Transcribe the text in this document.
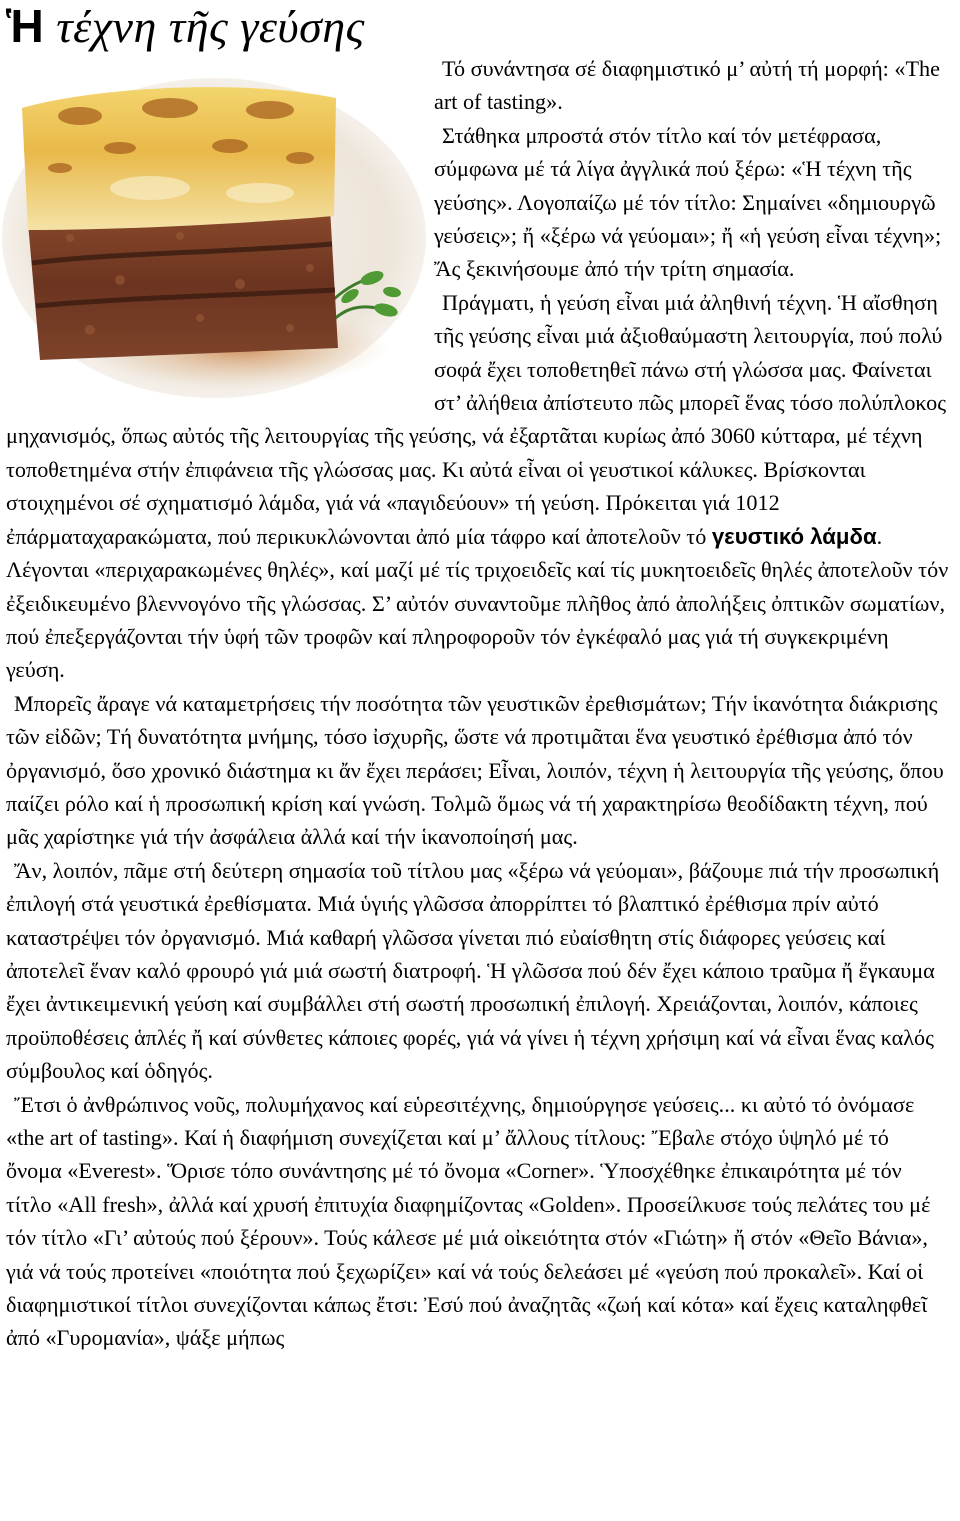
Ἡ τέχνη τῆς γεύσης

Τό συνάντησα σέ διαφημιστικό μ’ αὐτή τή μορφή: «The art of tasting».

Στάθηκα μπροστά στόν τίτλο καί τόν μετέφρασα, σύμφωνα μέ τά λίγα ἀγγλικά πού ξέρω: «Ἡ τέχνη τῆς γεύσης». Λογοπαίζω μέ τόν τίτλο: Σημαίνει «δημιουργῶ γεύσεις»; ἤ «ξέρω νά γεύομαι»; ἤ «ἡ γεύση εἶναι τέχνη»; Ἄς ξεκινήσουμε ἀπό τήν τρίτη σημασία.

Πράγματι, ἡ γεύση εἶναι μιά ἀληθινή τέχνη. Ἡ αἴσθηση τῆς γεύσης εἶναι μιά ἀξιοθαύμαστη λειτουργία, πού πολύ σοφά ἔχει τοποθετηθεῖ πάνω στή γλώσσα μας. Φαίνεται στ’ ἀλήθεια ἀπίστευτο πῶς μπορεῖ ἕνας τόσο πολύπλοκος μηχανισμός, ὅπως αὐτός τῆς λειτουργίας τῆς γεύσης, νά ἐξαρτᾶται κυρίως ἀπό 3060 κύτταρα, μέ τέχνη τοποθετημένα στήν ἐπιφάνεια τῆς γλώσσας μας. Κι αὐτά εἶναι οἱ γευστικοί κάλυκες. Βρίσκονται στοιχημένοι σέ σχηματισμό λάμδα, γιά νά «παγιδεύουν» τή γεύση. Πρόκειται γιά 1012 ἐπάρματαχαρακώματα, πού περικυκλώνονται ἀπό μία τάφρο καί ἀποτελοῦν τό γευστικό λάμδα. Λέγονται «περιχαρακωμένες θηλές», καί μαζί μέ τίς τριχοειδεῖς καί τίς μυκητοειδεῖς θηλές ἀποτελοῦν τόν ἐξειδικευμένο βλεννογόνο τῆς γλώσσας. Σ’ αὐτόν συναντοῦμε πλῆθος ἀπό ἀπολήξεις ὀπτικῶν σωματίων, πού ἐπεξεργάζονται τήν ὑφή τῶν τροφῶν καί πληροφοροῦν τόν ἐγκέφαλό μας γιά τή συγκεκριμένη γεύση.

Μπορεῖς ἄραγε νά καταμετρήσεις τήν ποσότητα τῶν γευστικῶν ἐρεθισμάτων; Τήν ἱκανότητα διάκρισης τῶν εἰδῶν; Τή δυνατότητα μνήμης, τόσο ἰσχυρῆς, ὥστε νά προτιμᾶται ἕνα γευστικό ἐρέθισμα ἀπό τόν ὀργανισμό, ὅσο χρονικό διάστημα κι ἄν ἔχει περάσει; Εἶναι, λοιπόν, τέχνη ἡ λειτουργία τῆς γεύσης, ὅπου παίζει ρόλο καί ἡ προσωπική κρίση καί γνώση. Τολμῶ ὅμως νά τή χαρακτηρίσω θεοδίδακτη τέχνη, πού μᾶς χαρίστηκε γιά τήν ἀσφάλεια ἀλλά καί τήν ἱκανοποίησή μας.

Ἄν, λοιπόν, πᾶμε στή δεύτερη σημασία τοῦ τίτλου μας «ξέρω νά γεύομαι», βάζουμε πιά τήν προσωπική ἐπιλογή στά γευστικά ἐρεθίσματα. Μιά ὑγιής γλῶσσα ἀπορρίπτει τό βλαπτικό ἐρέθισμα πρίν αὐτό καταστρέψει τόν ὀργανισμό. Μιά καθαρή γλῶσσα γίνεται πιό εὐαίσθητη στίς διάφορες γεύσεις καί ἀποτελεῖ ἕναν καλό φρουρό γιά μιά σωστή διατροφή. Ἡ γλῶσσα πού δέν ἔχει κάποιο τραῦμα ἤ ἔγκαυμα ἔχει ἀντικειμενική γεύση καί συμβάλλει στή σωστή προσωπική ἐπιλογή. Χρειάζονται, λοιπόν, κάποιες προϋποθέσεις ἁπλές ἤ καί σύνθετες κάποιες φορές, γιά νά γίνει ἡ τέχνη χρήσιμη καί νά εἶναι ἕνας καλός σύμβουλος καί ὁδηγός.

Ἔτσι ὁ ἀνθρώπινος νοῦς, πολυμήχανος καί εὑρεσιτέχνης, δημιούργησε γεύσεις... κι αὐτό τό ὀνόμασε «the art of tasting». Καί ἡ διαφήμιση συνεχίζεται καί μ’ ἄλλους τίτλους: Ἔβαλε στόχο ὑψηλό μέ τό ὄνομα «Everest». Ὅρισε τόπο συνάντησης μέ τό ὄνομα «Corner». Ὑποσχέθηκε ἐπικαιρότητα μέ τόν τίτλο «All fresh», ἀλλά καί χρυσή ἐπιτυχία διαφημίζοντας «Golden». Προσείλκυσε τούς πελάτες του μέ τόν τίτλο «Γι’ αὐτούς πού ξέρουν». Τούς κάλεσε μέ μιά οἰκειότητα στόν «Γιώτη» ἤ στόν «Θεῖο Βάνια», γιά νά τούς προτείνει «ποιότητα πού ξεχωρίζει» καί νά τούς δελεάσει μέ «γεύση πού προκαλεῖ». Καί οἱ διαφημιστικοί τίτλοι συνεχίζονται κάπως ἔτσι: Ἐσύ πού ἀναζητᾶς «ζωή καί κότα» καί ἔχεις καταληφθεῖ ἀπό «Γυρομανία», ψάξε μήπως
